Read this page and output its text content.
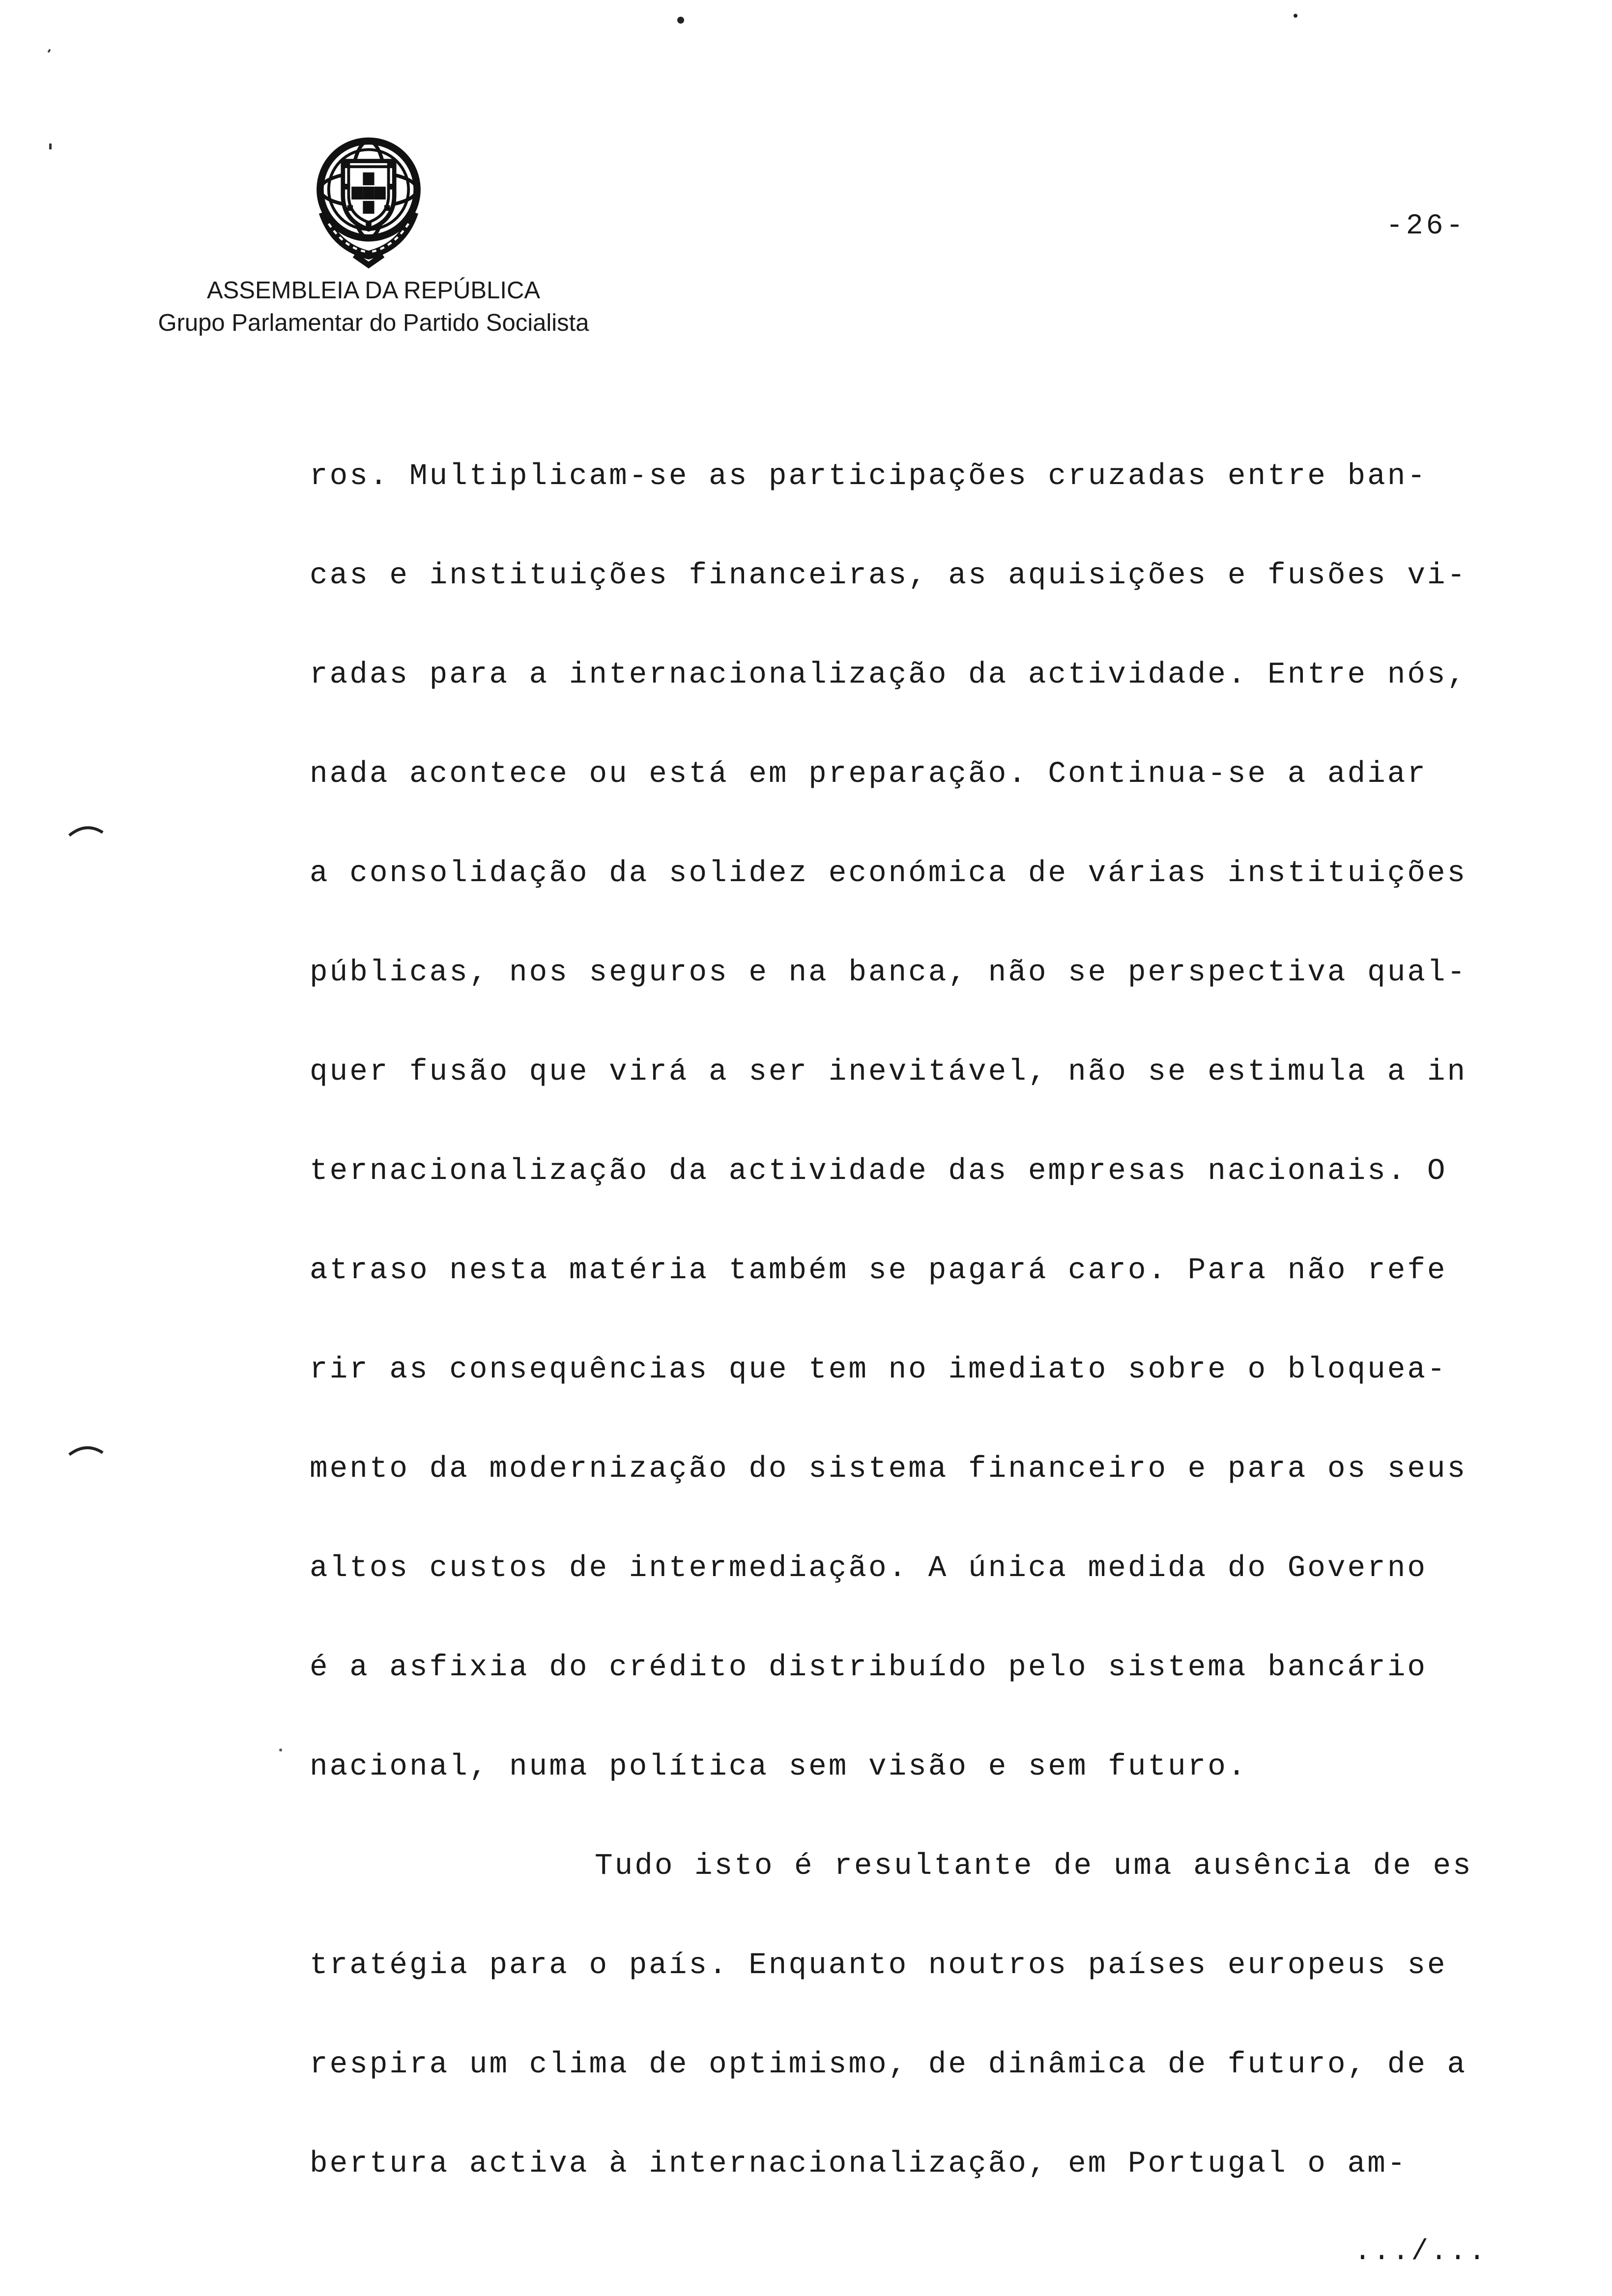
ASSEMBLEIA DA REPÚBLICA
Grupo Parlamentar do Partido Socialista
-26-
ros. Multiplicam-se as participações cruzadas entre ban-
cas e instituições financeiras, as aquisições e fusões vi-
radas para a internacionalização da actividade. Entre nós,
nada acontece ou está em preparação. Continua-se a adiar
a consolidação da solidez económica de várias instituições
públicas, nos seguros e na banca, não se perspectiva qual-
quer fusão que virá a ser inevitável, não se estimula a in
ternacionalização da actividade das empresas nacionais. O
atraso nesta matéria também se pagará caro. Para não refe
rir as consequências que tem no imediato sobre o bloquea-
mento da modernização do sistema financeiro e para os seus
altos custos de intermediação. A única medida do Governo
é a asfixia do crédito distribuído pelo sistema bancário
nacional, numa política sem visão e sem futuro.
Tudo isto é resultante de uma ausência de es
tratégia para o país. Enquanto noutros países europeus se
respira um clima de optimismo, de dinâmica de futuro, de a
bertura activa à internacionalização, em Portugal o am-
.../...
